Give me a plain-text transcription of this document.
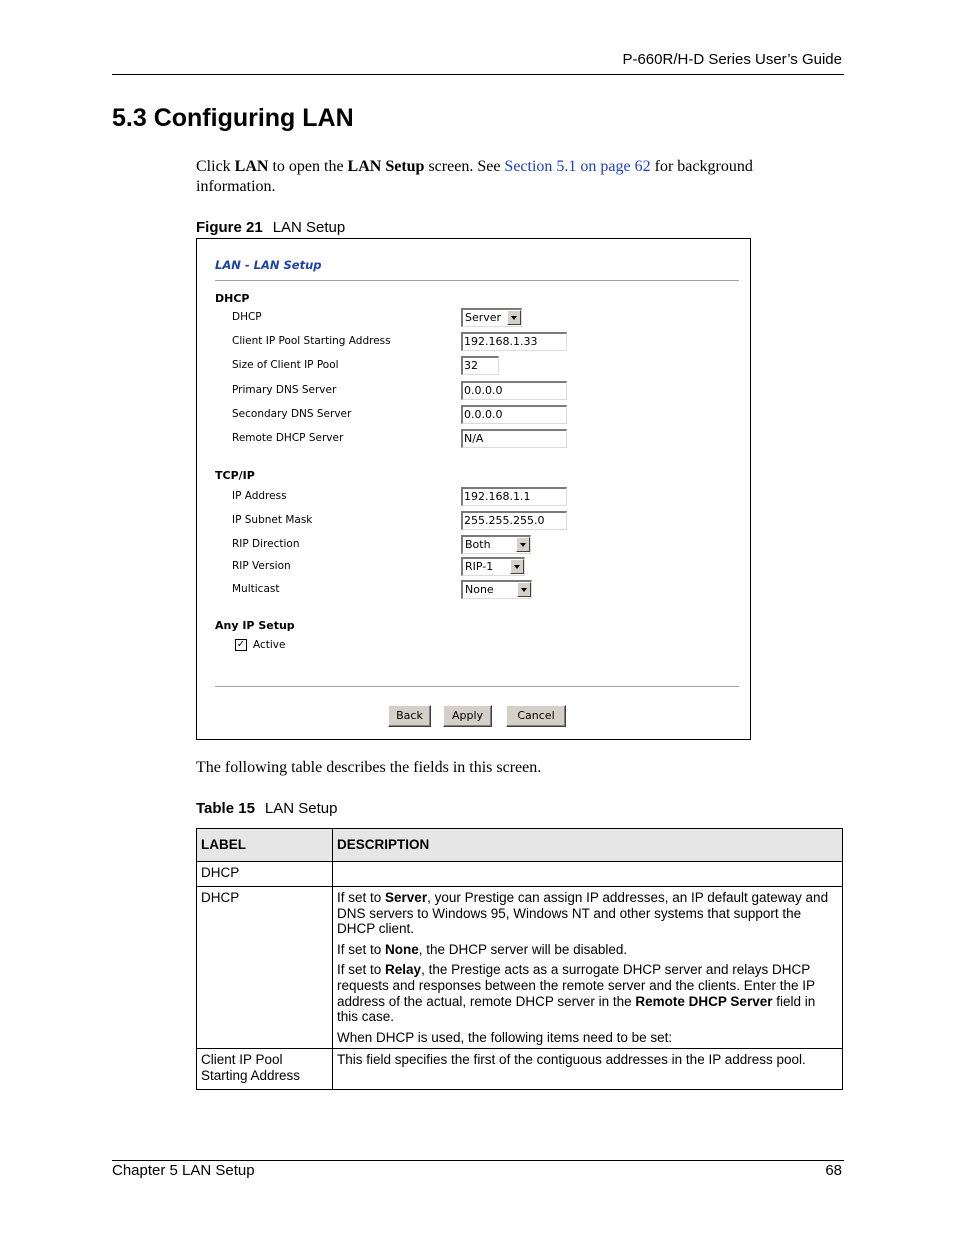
P-660R/H-D Series User’s Guide
5.3 Configuring LAN
Click LAN to open the LAN Setup screen. See Section 5.1 on page 62 for background information.
Figure 21 LAN Setup
LAN - LAN Setup
DHCP
DHCP	Server
Client IP Pool Starting Address	192.168.1.33
Size of Client IP Pool	32
Primary DNS Server	0.0.0.0
Secondary DNS Server	0.0.0.0
Remote DHCP Server	N/A
TCP/IP
IP Address	192.168.1.1
IP Subnet Mask	255.255.255.0
RIP Direction	Both
RIP Version	RIP-1
Multicast	None
Any IP Setup
✓ Active
Back	Apply	Cancel
The following table describes the fields in this screen.
Table 15 LAN Setup
LABEL	DESCRIPTION
DHCP	
DHCP	If set to Server, your Prestige can assign IP addresses, an IP default gateway and DNS servers to Windows 95, Windows NT and other systems that support the DHCP client.

If set to None, the DHCP server will be disabled.

If set to Relay, the Prestige acts as a surrogate DHCP server and relays DHCP requests and responses between the remote server and the clients. Enter the IP address of the actual, remote DHCP server in the Remote DHCP Server field in this case.

When DHCP is used, the following items need to be set:

Client IP Pool Starting Address	This field specifies the first of the contiguous addresses in the IP address pool.
Chapter 5 LAN Setup	68
